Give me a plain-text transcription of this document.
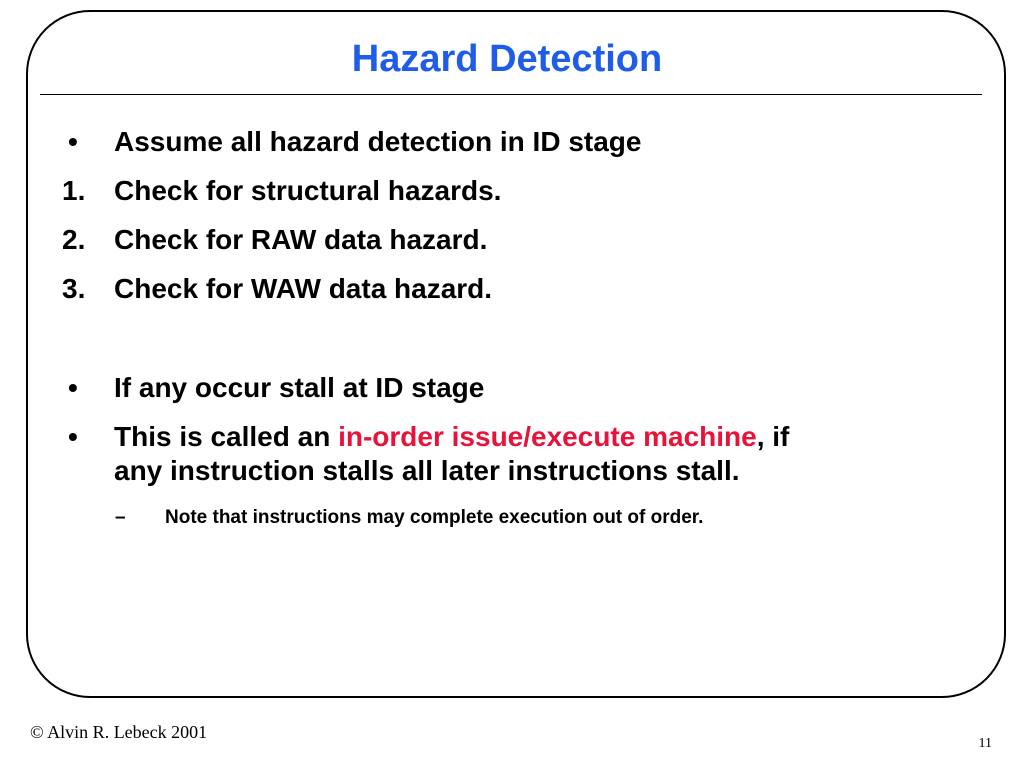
Hazard Detection
•	Assume all hazard detection in ID stage
1.	Check for structural hazards.
2.	Check for RAW data hazard.
3.	Check for WAW data hazard.
•	If any occur stall at ID stage
•	This is called an in-order issue/execute machine, if
any instruction stalls all later instructions stall.
–	Note that instructions may complete execution out of order.
© Alvin R. Lebeck 2001
11
